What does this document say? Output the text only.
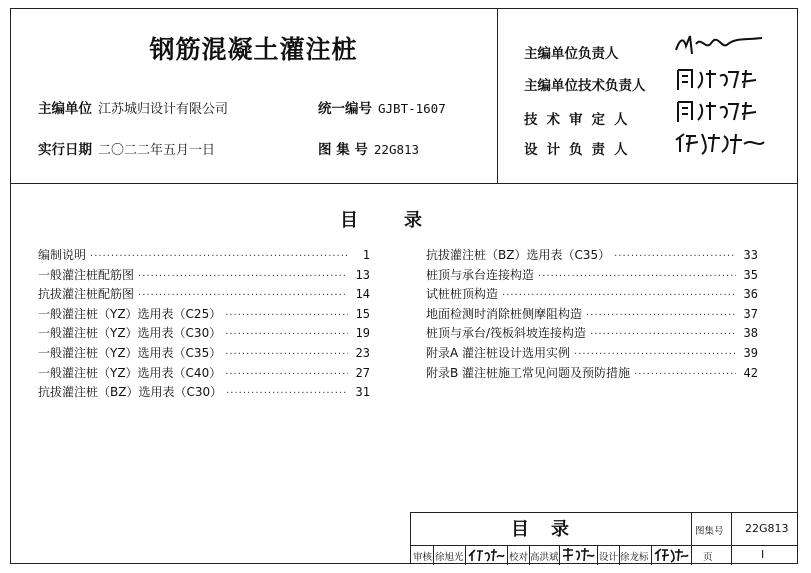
钢筋混凝土灌注桩
主编单位 江苏城归设计有限公司	统一编号 GJBT-1607
实行日期 二〇二二年五月一日	图 集 号 22G813
主编单位负责人
主编单位技术负责人
技术审定人
设计负责人
目录
编制说明 ·····	1
一般灌注桩配筋图 ·····	13
抗拔灌注桩配筋图 ·····	14
一般灌注桩（YZ）选用表（C25） ·····	15
一般灌注桩（YZ）选用表（C30） ·····	19
一般灌注桩（YZ）选用表（C35） ·····	23
一般灌注桩（YZ）选用表（C40） ·····	27
抗拔灌注桩（BZ）选用表（C30） ·····	31
抗拔灌注桩（BZ）选用表（C35） ·····	33
桩顶与承台连接构造 ·····	35
试桩桩顶构造 ·····	36
地面检测时消除桩侧摩阻构造 ·····	37
桩顶与承台/筏板斜坡连接构造 ·····	38
附录A 灌注桩设计选用实例 ·····	39
附录B 灌注桩施工常见问题及预防措施 ·····	42
目录	图集号 22G813
审核 徐旭光	校对 高洪斌	设计 徐龙标	页	I
